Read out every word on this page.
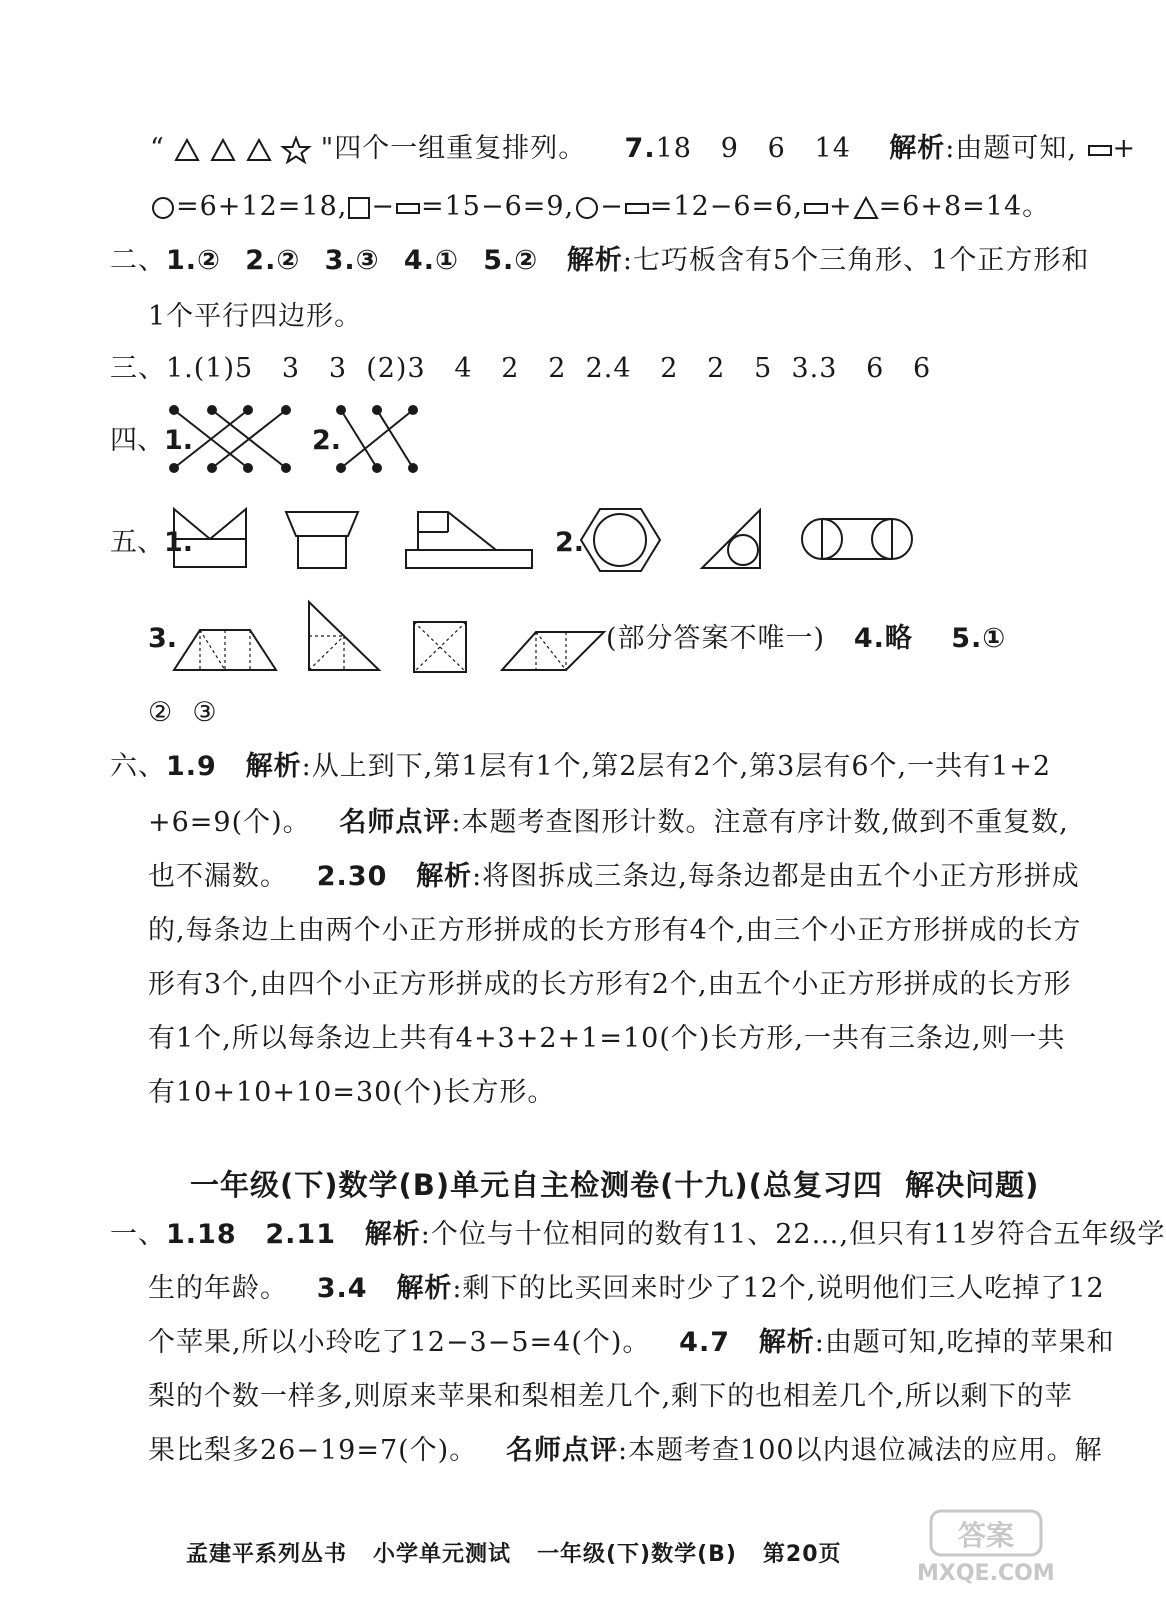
“	"四个一组重复排列。 7.18   9   6   14 解析:由题可知, +
=6+12=18, − =15−6=9, − =12−6=6, + =6+8=14。
二、1.② 2.② 3.③ 4.① 5.② 解析:七巧板含有5个三角形、1个正方形和
1个平行四边形。
三、1.(1)5   3   3  (2)3   4   2   2  2.4   2   2   5  3.3   6   6
四、1.	2.
五、1.	2.
3.	(部分答案不唯一) 4.略 5.①
②  ③
六、1.9 解析:从上到下,第1层有1个,第2层有2个,第3层有6个,一共有1+2
+6=9(个)。 名师点评:本题考查图形计数。注意有序计数,做到不重复数,
也不漏数。 2.30 解析:将图拆成三条边,每条边都是由五个小正方形拼成
的,每条边上由两个小正方形拼成的长方形有4个,由三个小正方形拼成的长方
形有3个,由四个小正方形拼成的长方形有2个,由五个小正方形拼成的长方形
有1个,所以每条边上共有4+3+2+1=10(个)长方形,一共有三条边,则一共
有10+10+10=30(个)长方形。
一年级(下)数学(B)单元自主检测卷(十九)(总复习四  解决问题)
一、1.18 2.11 解析:个位与十位相同的数有11、22…,但只有11岁符合五年级学
生的年龄。 3.4 解析:剩下的比买回来时少了12个,说明他们三人吃掉了12
个苹果,所以小玲吃了12−3−5=4(个)。 4.7 解析:由题可知,吃掉的苹果和
梨的个数一样多,则原来苹果和梨相差几个,剩下的也相差几个,所以剩下的苹
果比梨多26−19=7(个)。 名师点评:本题考查100以内退位减法的应用。解
孟建平系列丛书   小学单元测试   一年级(下)数学(B)   第20页
答案
MXQE.COM
